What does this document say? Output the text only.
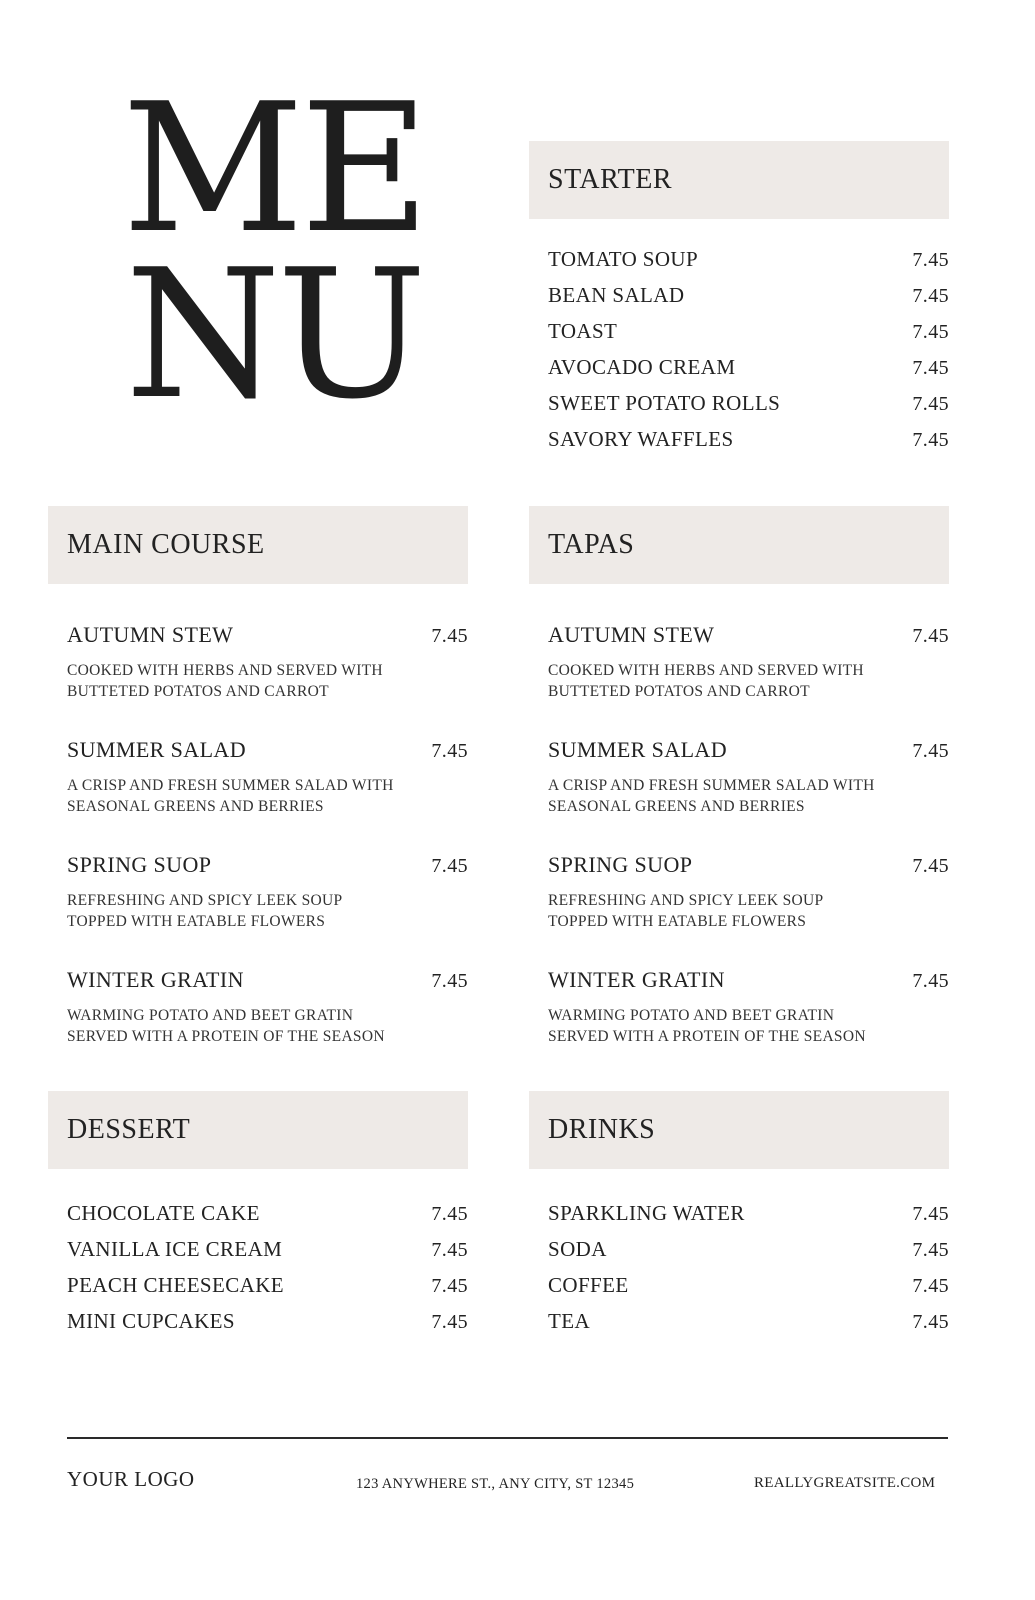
ME
NU
STARTER
TOMATO SOUP	7.45
BEAN SALAD	7.45
TOAST	7.45
AVOCADO CREAM	7.45
SWEET POTATO ROLLS	7.45
SAVORY WAFFLES	7.45
MAIN COURSE
AUTUMN STEW	7.45
COOKED WITH HERBS AND SERVED WITH
BUTTETED POTATOS AND CARROT
SUMMER SALAD	7.45
A CRISP AND FRESH SUMMER SALAD WITH
SEASONAL GREENS AND BERRIES
SPRING SUOP	7.45
REFRESHING AND SPICY LEEK SOUP
TOPPED WITH EATABLE FLOWERS
WINTER GRATIN	7.45
WARMING POTATO AND BEET GRATIN
SERVED WITH A PROTEIN OF THE SEASON
TAPAS
AUTUMN STEW	7.45
COOKED WITH HERBS AND SERVED WITH
BUTTETED POTATOS AND CARROT
SUMMER SALAD	7.45
A CRISP AND FRESH SUMMER SALAD WITH
SEASONAL GREENS AND BERRIES
SPRING SUOP	7.45
REFRESHING AND SPICY LEEK SOUP
TOPPED WITH EATABLE FLOWERS
WINTER GRATIN	7.45
WARMING POTATO AND BEET GRATIN
SERVED WITH A PROTEIN OF THE SEASON
DESSERT
CHOCOLATE CAKE	7.45
VANILLA ICE CREAM	7.45
PEACH CHEESECAKE	7.45
MINI CUPCAKES	7.45
DRINKS
SPARKLING WATER	7.45
SODA	7.45
COFFEE	7.45
TEA	7.45
YOUR LOGO	123 ANYWHERE ST., ANY CITY, ST 12345	REALLYGREATSITE.COM
